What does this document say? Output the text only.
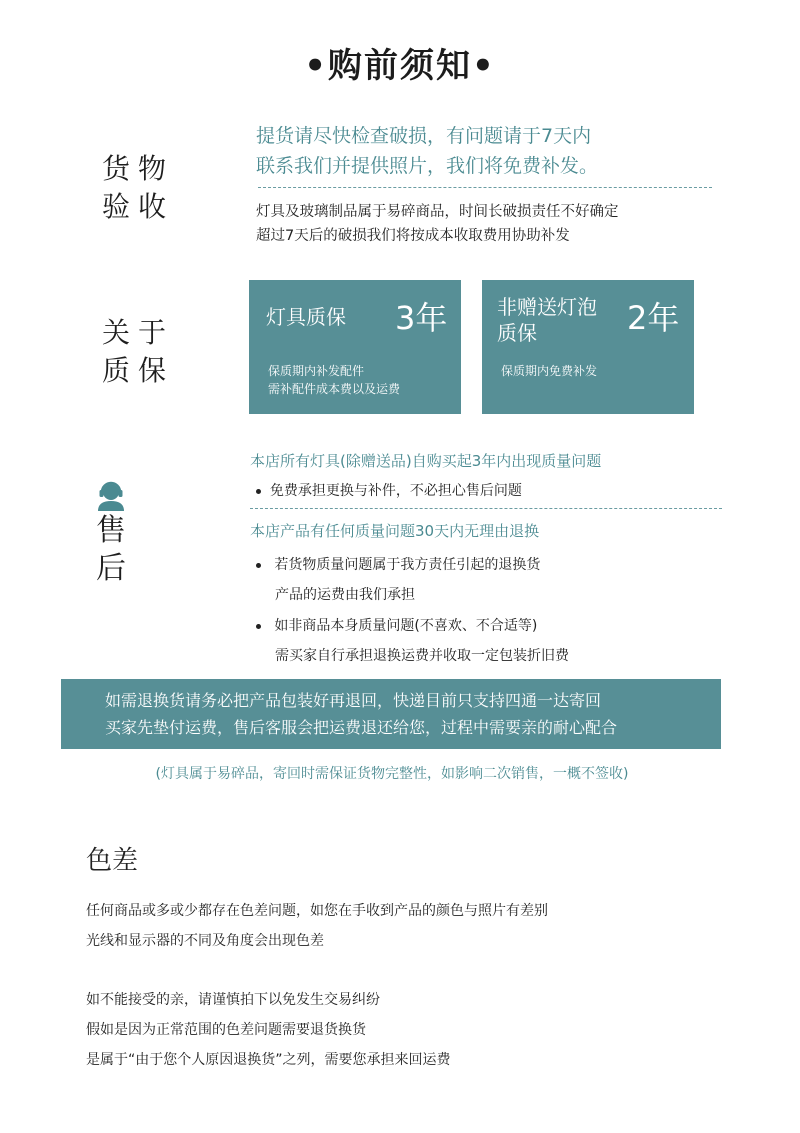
•购前须知•
货物
验收
提货请尽快检查破损，有问题请于7天内
联系我们并提供照片，我们将免费补发。
灯具及玻璃制品属于易碎商品，时间长破损责任不好确定
超过7天后的破损我们将按成本收取费用协助补发
关于
质保
灯具质保 3年
保质期内补发配件
需补配件成本费以及运费
非赠送灯泡
质保	2年
保质期内免费补发
售
后
本店所有灯具(除赠送品)自购买起3年内出现质量问题
免费承担更换与补件，不必担心售后问题
本店产品有任何质量问题30天内无理由退换
若货物质量问题属于我方责任引起的退换货
产品的运费由我们承担
如非商品本身质量问题(不喜欢、不合适等)
需买家自行承担退换运费并收取一定包装折旧费
如需退换货请务必把产品包装好再退回，快递目前只支持四通一达寄回
买家先垫付运费，售后客服会把运费退还给您，过程中需要亲的耐心配合
(灯具属于易碎品，寄回时需保证货物完整性，如影响二次销售，一概不签收)
色差
任何商品或多或少都存在色差问题，如您在手收到产品的颜色与照片有差别
光线和显示器的不同及角度会出现色差
如不能接受的亲，请谨慎拍下以免发生交易纠纷
假如是因为正常范围的色差问题需要退货换货
是属于“由于您个人原因退换货”之列，需要您承担来回运费
